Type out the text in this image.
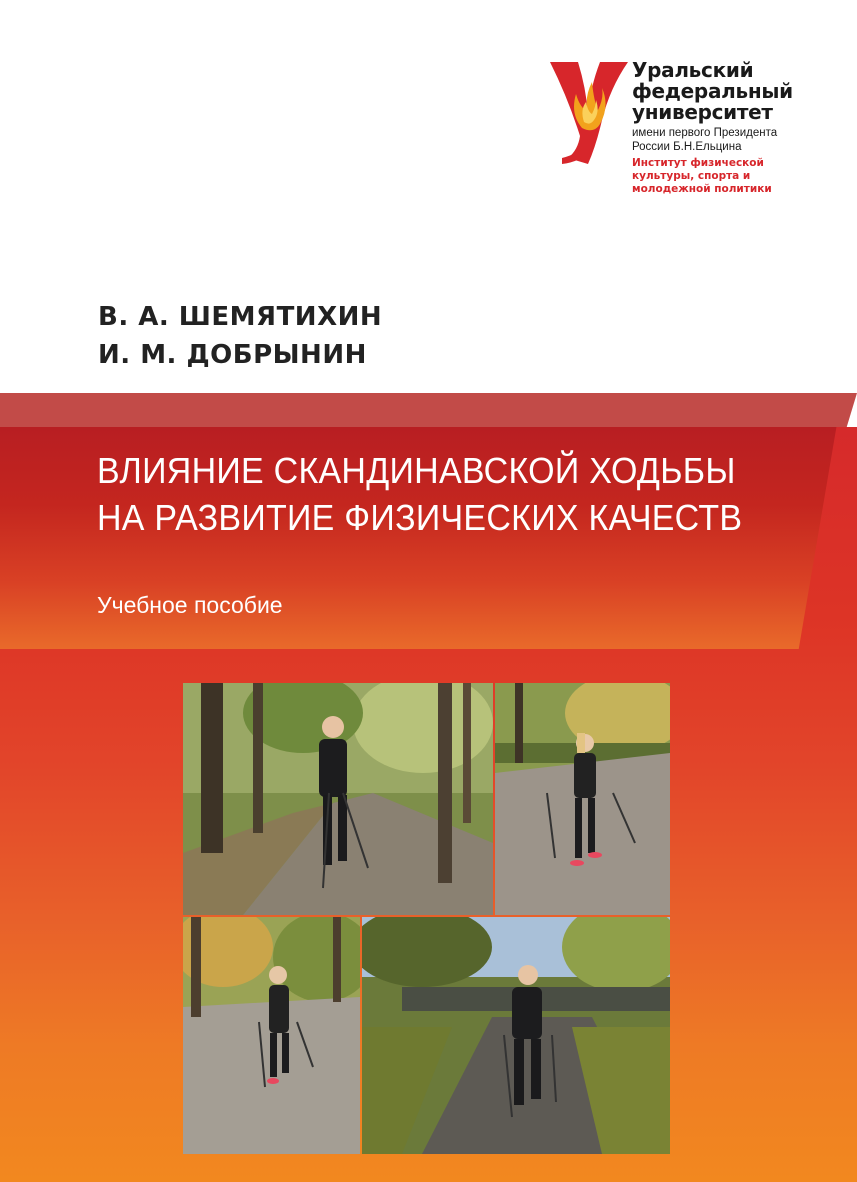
Уральский
федеральный
университет
имени первого Президента
России Б.Н.Ельцина
Институт физической
культуры, спорта и
молодежной политики
В. А. ШЕМЯТИХИН
И. М. ДОБРЫНИН
ВЛИЯНИЕ СКАНДИНАВСКОЙ ХОДЬБЫ
НА РАЗВИТИЕ ФИЗИЧЕСКИХ КАЧЕСТВ
Учебное пособие
